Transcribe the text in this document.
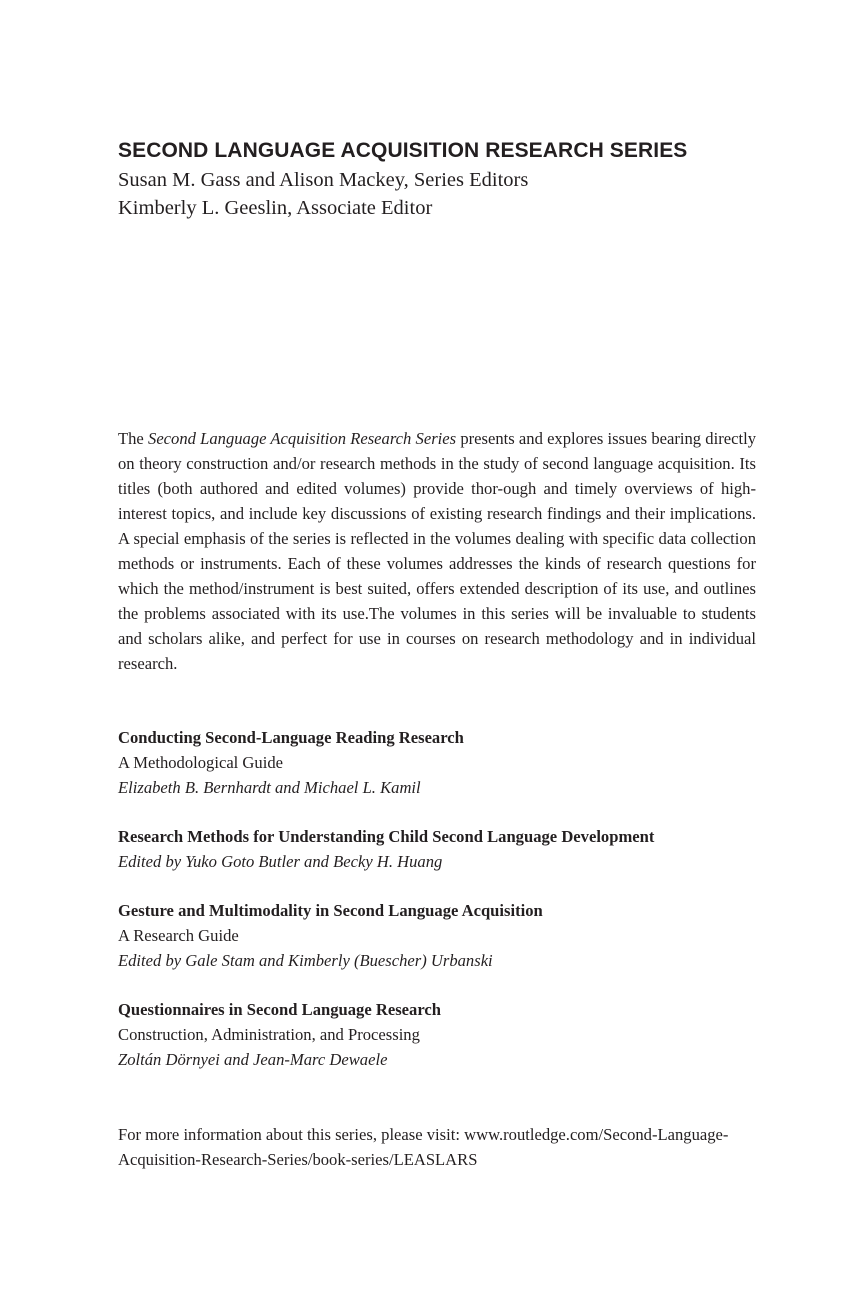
SECOND LANGUAGE ACQUISITION RESEARCH SERIES

Susan M. Gass and Alison Mackey, Series Editors

Kimberly L. Geeslin, Associate Editor

The Second Language Acquisition Research Series presents and explores issues bearing directly on theory construction and/or research methods in the study of second language acquisition. Its titles (both authored and edited volumes) provide thor-ough and timely overviews of high-interest topics, and include key discussions of existing research findings and their implications. A special emphasis of the series is reflected in the volumes dealing with specific data collection methods or instruments. Each of these volumes addresses the kinds of research questions for which the method/instrument is best suited, offers extended description of its use, and outlines the problems associated with its use.The volumes in this series will be invaluable to students and scholars alike, and perfect for use in courses on research methodology and in individual research.

Conducting Second-Language Reading Research

A Methodological Guide

Elizabeth B. Bernhardt and Michael L. Kamil

Research Methods for Understanding Child Second Language Development

Edited by Yuko Goto Butler and Becky H. Huang

Gesture and Multimodality in Second Language Acquisition

A Research Guide

Edited by Gale Stam and Kimberly (Buescher) Urbanski

Questionnaires in Second Language Research

Construction, Administration, and Processing

Zoltán Dörnyei and Jean-Marc Dewaele

For more information about this series, please visit: www.routledge.com/Second-Language-Acquisition-Research-Series/book-series/LEASLARS
